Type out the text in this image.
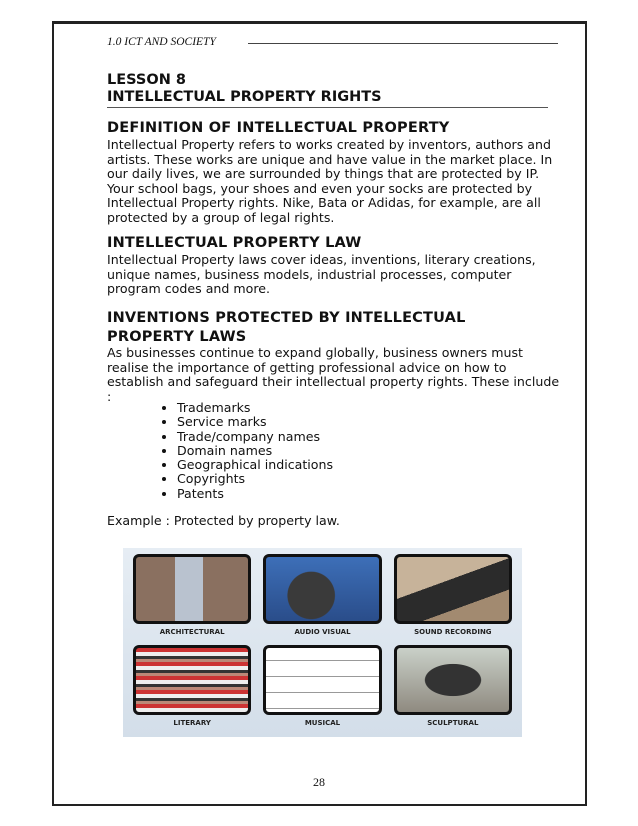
1.0 ICT AND SOCIETY
LESSON 8
INTELLECTUAL PROPERTY RIGHTS
DEFINITION OF INTELLECTUAL PROPERTY
Intellectual Property refers to works created by inventors, authors and artists. These works are unique and have value in the market place. In our daily lives, we are surrounded by things that are protected by IP. Your school bags, your shoes and even your socks are protected by Intellectual Property rights. Nike, Bata or Adidas, for example, are all protected by a group of legal rights.
INTELLECTUAL PROPERTY LAW
Intellectual Property laws cover ideas, inventions, literary creations, unique names, business models, industrial processes, computer program codes and more.
INVENTIONS PROTECTED BY INTELLECTUAL PROPERTY LAWS
As businesses continue to expand globally, business owners must realise the importance of getting professional advice on how to establish and safeguard their intellectual property rights. These include :
• Trademarks
• Service marks
• Trade/company names
• Domain names
• Geographical indications
• Copyrights
• Patents
Example : Protected by property law.
ARCHITECTURAL	AUDIO VISUAL	SOUND RECORDING
LITERARY	MUSICAL	SCULPTURAL
28
